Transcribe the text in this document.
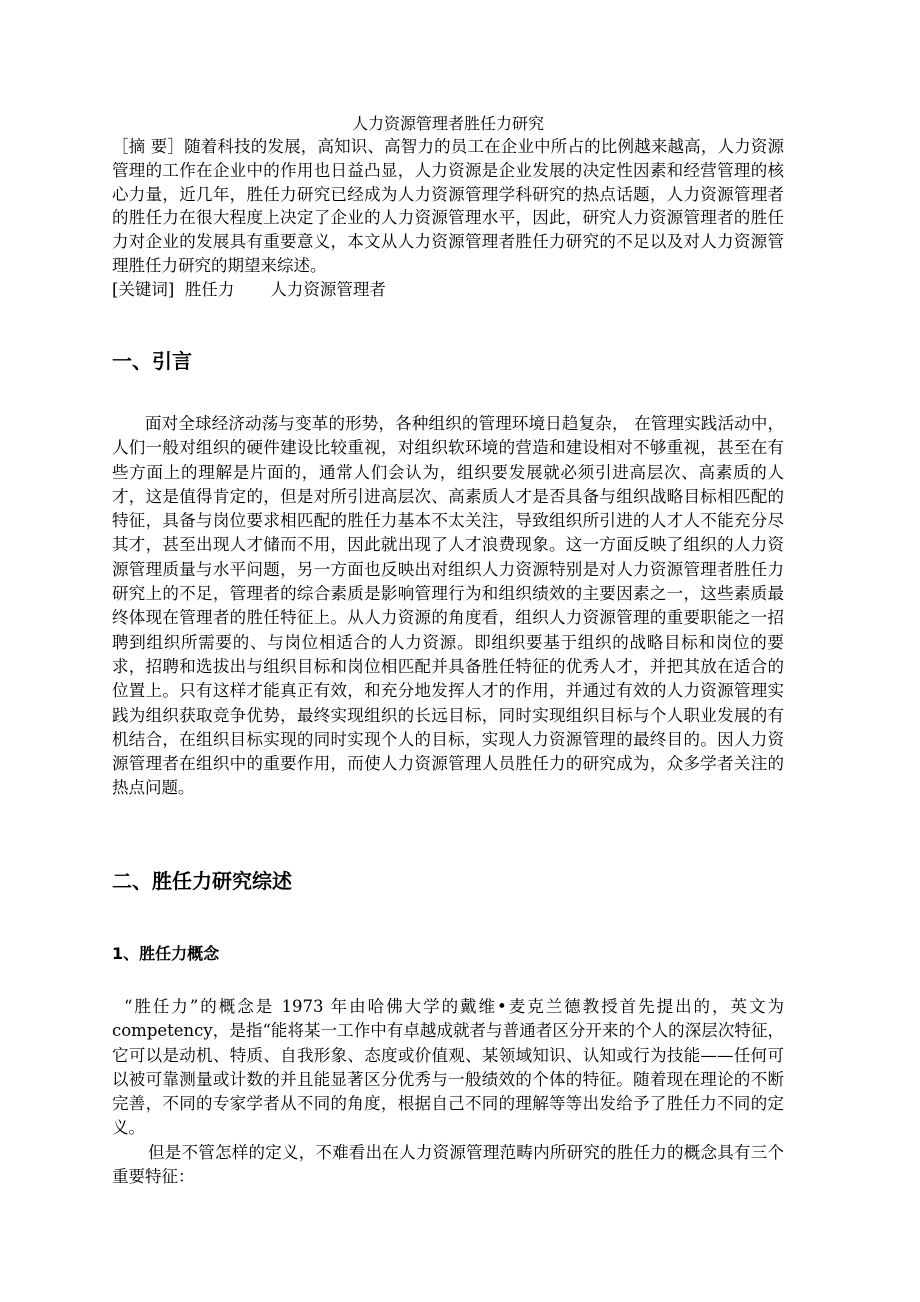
人力资源管理者胜任力研究

［摘 要］随着科技的发展，高知识、高智力的员工在企业中所占的比例越来越高，人力资源管理的工作在企业中的作用也日益凸显，人力资源是企业发展的决定性因素和经营管理的核心力量，近几年，胜任力研究已经成为人力资源管理学科研究的热点话题，人力资源管理者的胜任力在很大程度上决定了企业的人力资源管理水平，因此，研究人力资源管理者的胜任力对企业的发展具有重要意义，本文从人力资源管理者胜任力研究的不足以及对人力资源管理胜任力研究的期望来综述。

[关键词] 胜任力 人力资源管理者

一、引言

面对全球经济动荡与变革的形势，各种组织的管理环境日趋复杂， 在管理实践活动中，人们一般对组织的硬件建设比较重视，对组织软环境的营造和建设相对不够重视，甚至在有些方面上的理解是片面的，通常人们会认为，组织要发展就必须引进高层次、高素质的人才，这是值得肯定的，但是对所引进高层次、高素质人才是否具备与组织战略目标相匹配的特征，具备与岗位要求相匹配的胜任力基本不太关注，导致组织所引进的人才人不能充分尽其才，甚至出现人才储而不用，因此就出现了人才浪费现象。这一方面反映了组织的人力资源管理质量与水平问题，另一方面也反映出对组织人力资源特别是对人力资源管理者胜任力研究上的不足，管理者的综合素质是影响管理行为和组织绩效的主要因素之一，这些素质最终体现在管理者的胜任特征上。从人力资源的角度看，组织人力资源管理的重要职能之一招聘到组织所需要的、与岗位相适合的人力资源。即组织要基于组织的战略目标和岗位的要求，招聘和选拔出与组织目标和岗位相匹配并具备胜任特征的优秀人才，并把其放在适合的位置上。只有这样才能真正有效，和充分地发挥人才的作用，并通过有效的人力资源管理实践为组织获取竞争优势，最终实现组织的长远目标，同时实现组织目标与个人职业发展的有机结合，在组织目标实现的同时实现个人的目标，实现人力资源管理的最终目的。因人力资源管理者在组织中的重要作用，而使人力资源管理人员胜任力的研究成为，众多学者关注的热点问题。

二、胜任力研究综述
1、胜任力概念

“胜任力”的概念是 1973 年由哈佛大学的戴维•麦克兰德教授首先提出的，英文为 competency，是指“能将某一工作中有卓越成就者与普通者区分开来的个人的深层次特征，它可以是动机、特质、自我形象、态度或价值观、某领域知识、认知或行为技能——任何可以被可靠测量或计数的并且能显著区分优秀与一般绩效的个体的特征。随着现在理论的不断完善，不同的专家学者从不同的角度，根据自己不同的理解等等出发给予了胜任力不同的定义。

但是不管怎样的定义，不难看出在人力资源管理范畴内所研究的胜任力的概念具有三个重要特征：
